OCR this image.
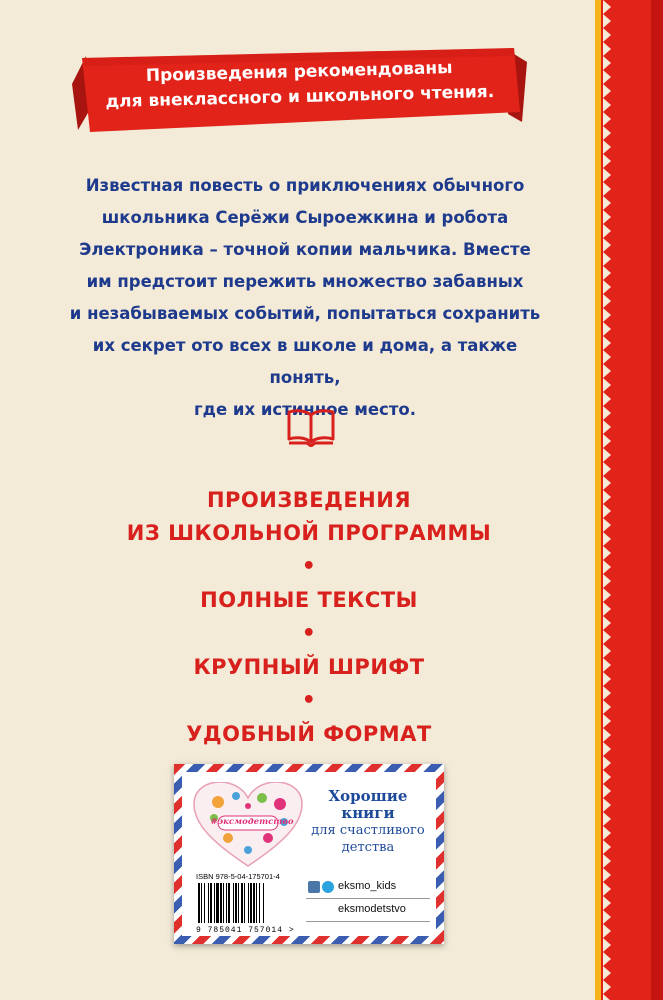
Произведения рекомендованы
для внеклассного и школьного чтения.
Известная повесть о приключениях обычного
школьника Серёжи Сыроежкина и робота
Электроника – точной копии мальчика. Вместе
им предстоит пережить множество забавных
и незабываемых событий, попытаться сохранить
их секрет ото всех в школе и дома, а также понять,
где их истинное место.
ПРОИЗВЕДЕНИЯ
ИЗ ШКОЛЬНОЙ ПРОГРАММЫ
•
ПОЛНЫЕ ТЕКСТЫ
•
КРУПНЫЙ ШРИФТ
•
УДОБНЫЙ ФОРМАТ
#эксмодетство
Хорошие
книги
для счастливого
детства
ISBN 978-5-04-175701-4
9 785041 757014 >
eksmo_kids
eksmodetstvo
